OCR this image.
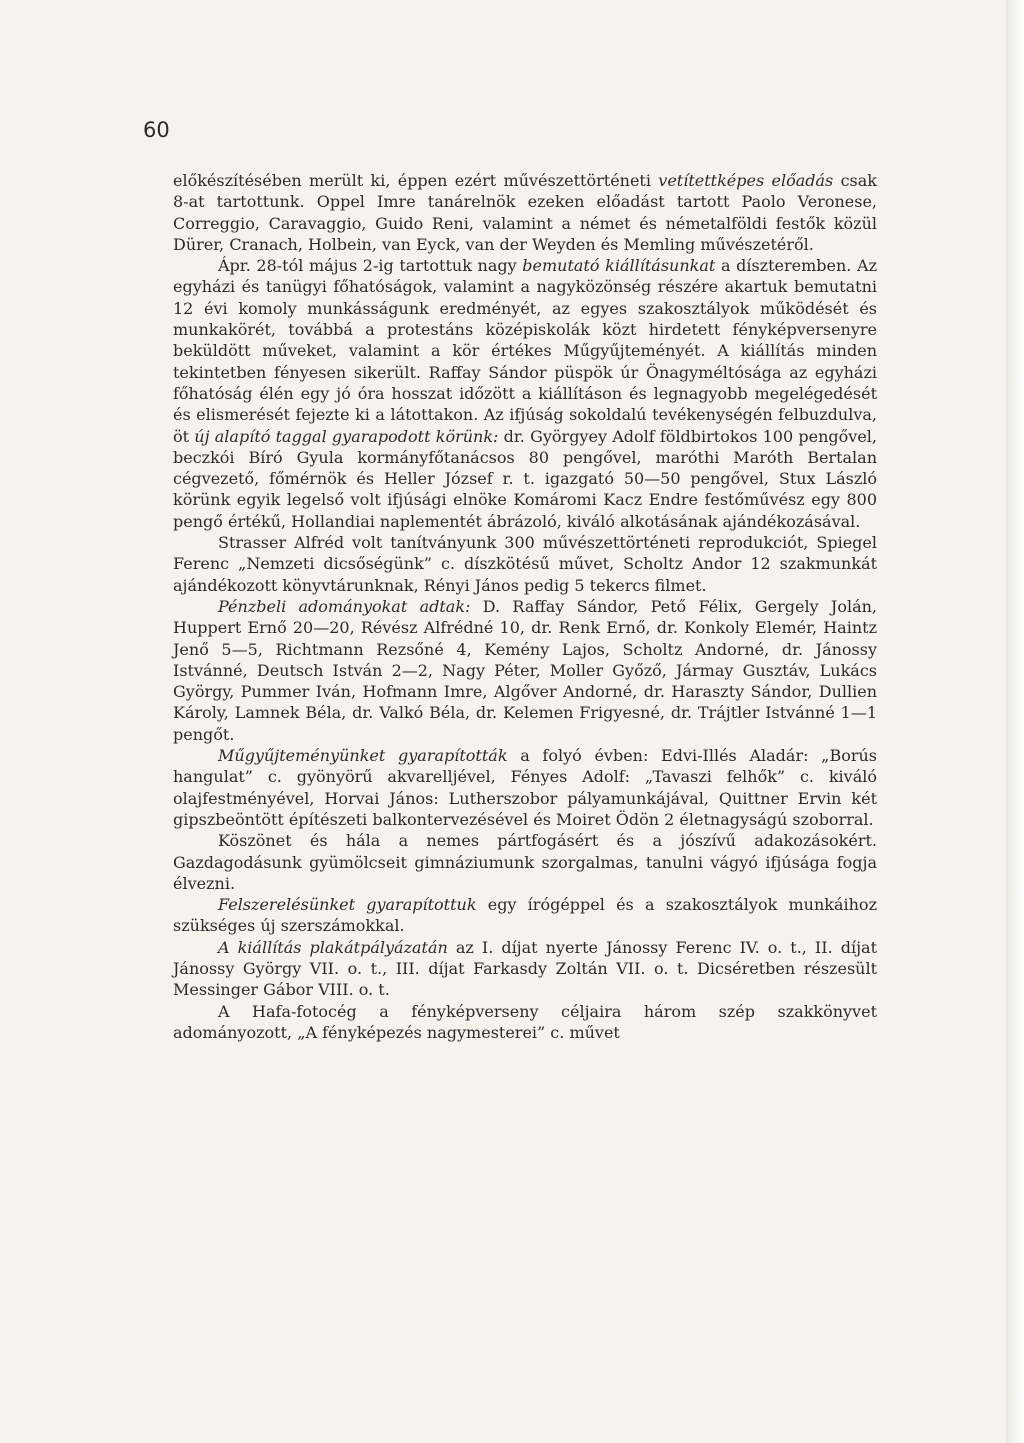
60

előkészítésében merült ki, éppen ezért művészettörténeti vetítettképes előadás csak 8-at tartottunk. Oppel Imre tanárelnök ezeken előadást tartott Paolo Veronese, Correggio, Caravaggio, Guido Reni, valamint a német és németalföldi festők közül Dürer, Cranach, Holbein, van Eyck, van der Weyden és Memling művészetéről.

Ápr. 28-tól május 2-ig tartottuk nagy bemutató kiállításunkat a díszteremben. Az egyházi és tanügyi főhatóságok, valamint a nagyközönség részére akartuk bemutatni 12 évi komoly munkásságunk eredményét, az egyes szakosztályok működését és munkakörét, továbbá a protestáns középiskolák közt hirdetett fényképversenyre beküldött műveket, valamint a kör értékes Műgyűjteményét. A kiállítás minden tekintetben fényesen sikerült. Raffay Sándor püspök úr Önagyméltósága az egyházi főhatóság élén egy jó óra hosszat időzött a kiállításon és legnagyobb megelégedését és elismerését fejezte ki a látottakon. Az ifjúság sokoldalú tevékenységén felbuzdulva, öt új alapító taggal gyarapodott körünk: dr. Györgyey Adolf földbirtokos 100 pengővel, beczkói Bíró Gyula kormányfőtanácsos 80 pengővel, maróthi Maróth Bertalan cégvezető, főmérnök és Heller József r. t. igazgató 50—50 pengővel, Stux László körünk egyik legelső volt ifjúsági elnöke Komáromi Kacz Endre festőművész egy 800 pengő értékű, Hollandiai naplementét ábrázoló, kiváló alkotásának ajándékozásával.

Strasser Alfréd volt tanítványunk 300 művészettörténeti reprodukciót, Spiegel Ferenc „Nemzeti dicsőségünk” c. díszkötésű művet, Scholtz Andor 12 szakmunkát ajándékozott könyvtárunknak, Rényi János pedig 5 tekercs filmet.

Pénzbeli adományokat adtak: D. Raffay Sándor, Pető Félix, Gergely Jolán, Huppert Ernő 20—20, Révész Alfrédné 10, dr. Renk Ernő, dr. Konkoly Elemér, Haintz Jenő 5—5, Richtmann Rezsőné 4, Kemény Lajos, Scholtz Andorné, dr. Jánossy Istvánné, Deutsch István 2—2, Nagy Péter, Moller Győző, Jármay Gusztáv, Lukács György, Pummer Iván, Hofmann Imre, Algőver Andorné, dr. Haraszty Sándor, Dullien Károly, Lamnek Béla, dr. Valkó Béla, dr. Kelemen Frigyesné, dr. Trájtler Istvánné 1—1 pengőt.

Műgyűjteményünket gyarapították a folyó évben: Edvi-Illés Aladár: „Borús hangulat” c. gyönyörű akvarelljével, Fényes Adolf: „Tavaszi felhők” c. kiváló olajfestményével, Horvai János: Lutherszobor pályamunkájával, Quittner Ervin két gipszbeöntött építészeti balkontervezésével és Moiret Ödön 2 életnagyságú szoborral.

Köszönet és hála a nemes pártfogásért és a jószívű adakozásokért. Gazdagodásunk gyümölcseit gimnáziumunk szorgalmas, tanulni vágyó ifjúsága fogja élvezni.

Felszerelésünket gyarapítottuk egy írógéppel és a szakosztályok munkáihoz szükséges új szerszámokkal.

A kiállítás plakátpályázatán az I. díjat nyerte Jánossy Ferenc IV. o. t., II. díjat Jánossy György VII. o. t., III. díjat Farkasdy Zoltán VII. o. t. Dicséretben részesült Messinger Gábor VIII. o. t.

A Hafa-fotocég a fényképverseny céljaira három szép szakkönyvet adományozott, „A fényképezés nagymesterei” c. művet
